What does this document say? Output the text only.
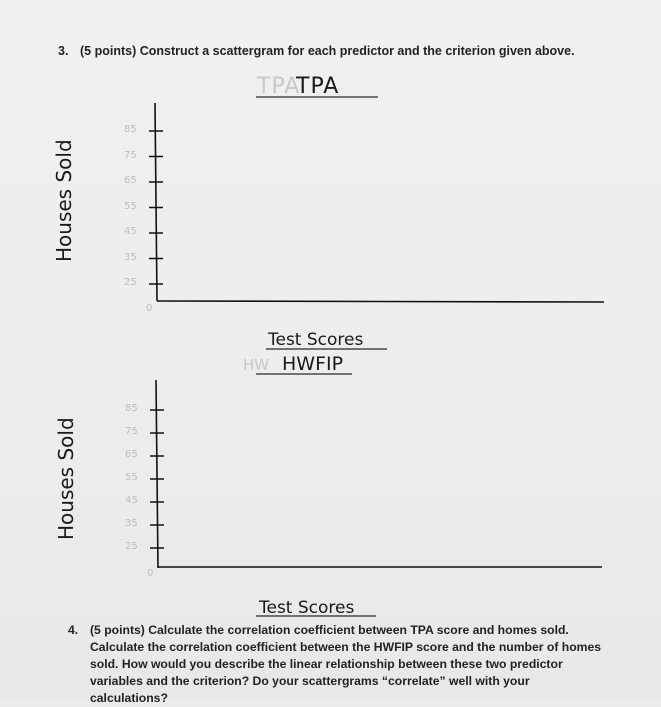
3. (5 points) Construct a scattergram for each predictor and the criterion given above.
TPA
TPA
Houses Sold
Test Scores
HW HWFIP
Houses Sold
Test Scores
85
75
65
55
45
35
25
0
85
75
65
55
45
35
25
0
4. (5 points) Calculate the correlation coefficient between TPA score and homes sold. Calculate the correlation coefficient between the HWFIP score and the number of homes sold. How would you describe the linear relationship between these two predictor variables and the criterion? Do your scattergrams “correlate” well with your calculations?
